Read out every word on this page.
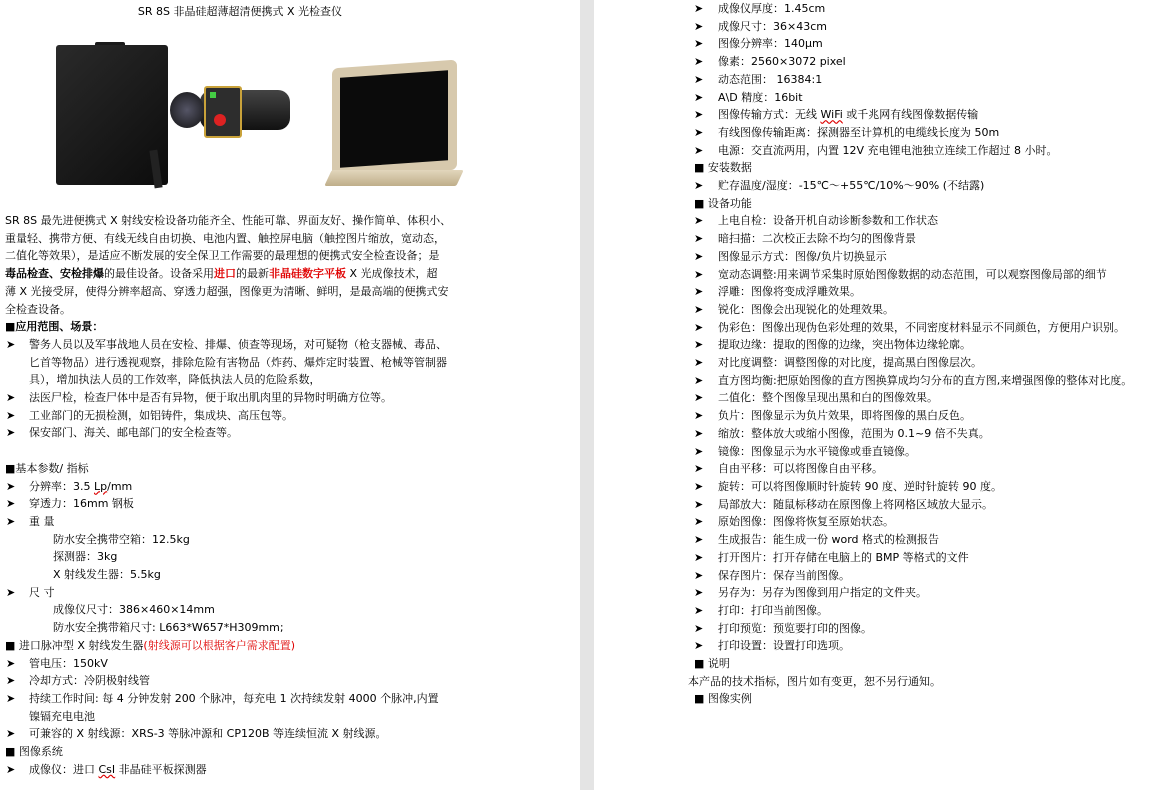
SR 8S 非晶硅超薄超清便携式 X 光检查仪
SR 8S 最先进便携式 X 射线安检设备功能齐全、性能可靠、界面友好、操作简单、体积小、
重量轻、携带方便、有线无线自由切换、电池内置、触控屏电脑（触控图片缩放，宽动态，
二值化等效果），是适应不断发展的安全保卫工作需要的最理想的便携式安全检查设备；是
毒品检查、安检排爆的最佳设备。设备采用进口的最新非晶硅数字平板 X 光成像技术，超
薄 X 光接受屏，使得分辨率超高、穿透力超强，图像更为清晰、鲜明，是最高端的便携式安
全检查设备。
■应用范围、场景：
➤	警务人员以及军事战地人员在安检、排爆、侦查等现场，对可疑物（枪支器械、毒品、
匕首等物品）进行透视观察，排除危险有害物品（炸药、爆炸定时装置、枪械等管制器
具），增加执法人员的工作效率，降低执法人员的危险系数，
➤	法医尸检，检查尸体中是否有异物，便于取出肌肉里的异物时明确方位等。
➤	工业部门的无损检测，如铝铸件，集成块、高压包等。
➤	保安部门、海关、邮电部门的安全检查等。
■基本参数/ 指标
➤	分辨率：3.5 Lp/mm
➤	穿透力：16mm 钢板
➤	重 量
防水安全携带空箱：12.5kg
探测器：3kg
X 射线发生器：5.5kg
➤	尺 寸
成像仪尺寸：386×460×14mm
防水安全携带箱尺寸: L663*W657*H309mm;
■ 进口脉冲型 X 射线发生器(射线源可以根据客户需求配置)
➤	管电压：150kV
➤	冷却方式：冷阴极射线管
➤	持续工作时间: 每 4 分钟发射 200 个脉冲，每充电 1 次持续发射 4000 个脉冲,内置
镍镉充电电池
➤	可兼容的 X 射线源：XRS-3 等脉冲源和 CP120B 等连续恒流 X 射线源。
■ 图像系统
➤	成像仪：进口 CsI 非晶硅平板探测器
➤	成像仪厚度：1.45cm
➤	成像尺寸：36×43cm
➤	图像分辨率：140μm
➤	像素：2560×3072 pixel
➤	动态范围： 16384:1
➤	A\D 精度：16bit
➤	图像传输方式：无线 WiFi 或千兆网有线图像数据传输
➤	有线图像传输距离：探测器至计算机的电缆线长度为 50m
➤	电源：交直流两用，内置 12V 充电锂电池独立连续工作超过 8 小时。
■ 安装数据
➤	贮存温度/湿度：-15℃～+55℃/10%～90% (不结露)
■ 设备功能
➤	上电自检：设备开机自动诊断参数和工作状态
➤	暗扫描：二次校正去除不均匀的图像背景
➤	图像显示方式：图像/负片切换显示
➤	宽动态调整:用来调节采集时原始图像数据的动态范围，可以观察图像局部的细节
➤	浮雕：图像将变成浮雕效果。
➤	锐化：图像会出现锐化的处理效果。
➤	伪彩色：图像出现伪色彩处理的效果，不同密度材料显示不同颜色，方便用户识别。
➤	提取边缘：提取的图像的边缘，突出物体边缘轮廓。
➤	对比度调整：调整图像的对比度，提高黑白图像层次。
➤	直方图均衡:把原始图像的直方图换算成均匀分布的直方图,来增强图像的整体对比度。
➤	二值化：整个图像呈现出黑和白的图像效果。
➤	负片：图像显示为负片效果，即将图像的黑白反色。
➤	缩放：整体放大或缩小图像，范围为 0.1~9 倍不失真。
➤	镜像：图像显示为水平镜像或垂直镜像。
➤	自由平移：可以将图像自由平移。
➤	旋转：可以将图像顺时针旋转 90 度、逆时针旋转 90 度。
➤	局部放大：随鼠标移动在原图像上将网格区域放大显示。
➤	原始图像：图像将恢复至原始状态。
➤	生成报告：能生成一份 word 格式的检测报告
➤	打开图片：打开存储在电脑上的 BMP 等格式的文件
➤	保存图片：保存当前图像。
➤	另存为：另存为图像到用户指定的文件夹。
➤	打印：打印当前图像。
➤	打印预览：预览要打印的图像。
➤	打印设置：设置打印选项。
■ 说明
本产品的技术指标，图片如有变更，恕不另行通知。
■ 图像实例
